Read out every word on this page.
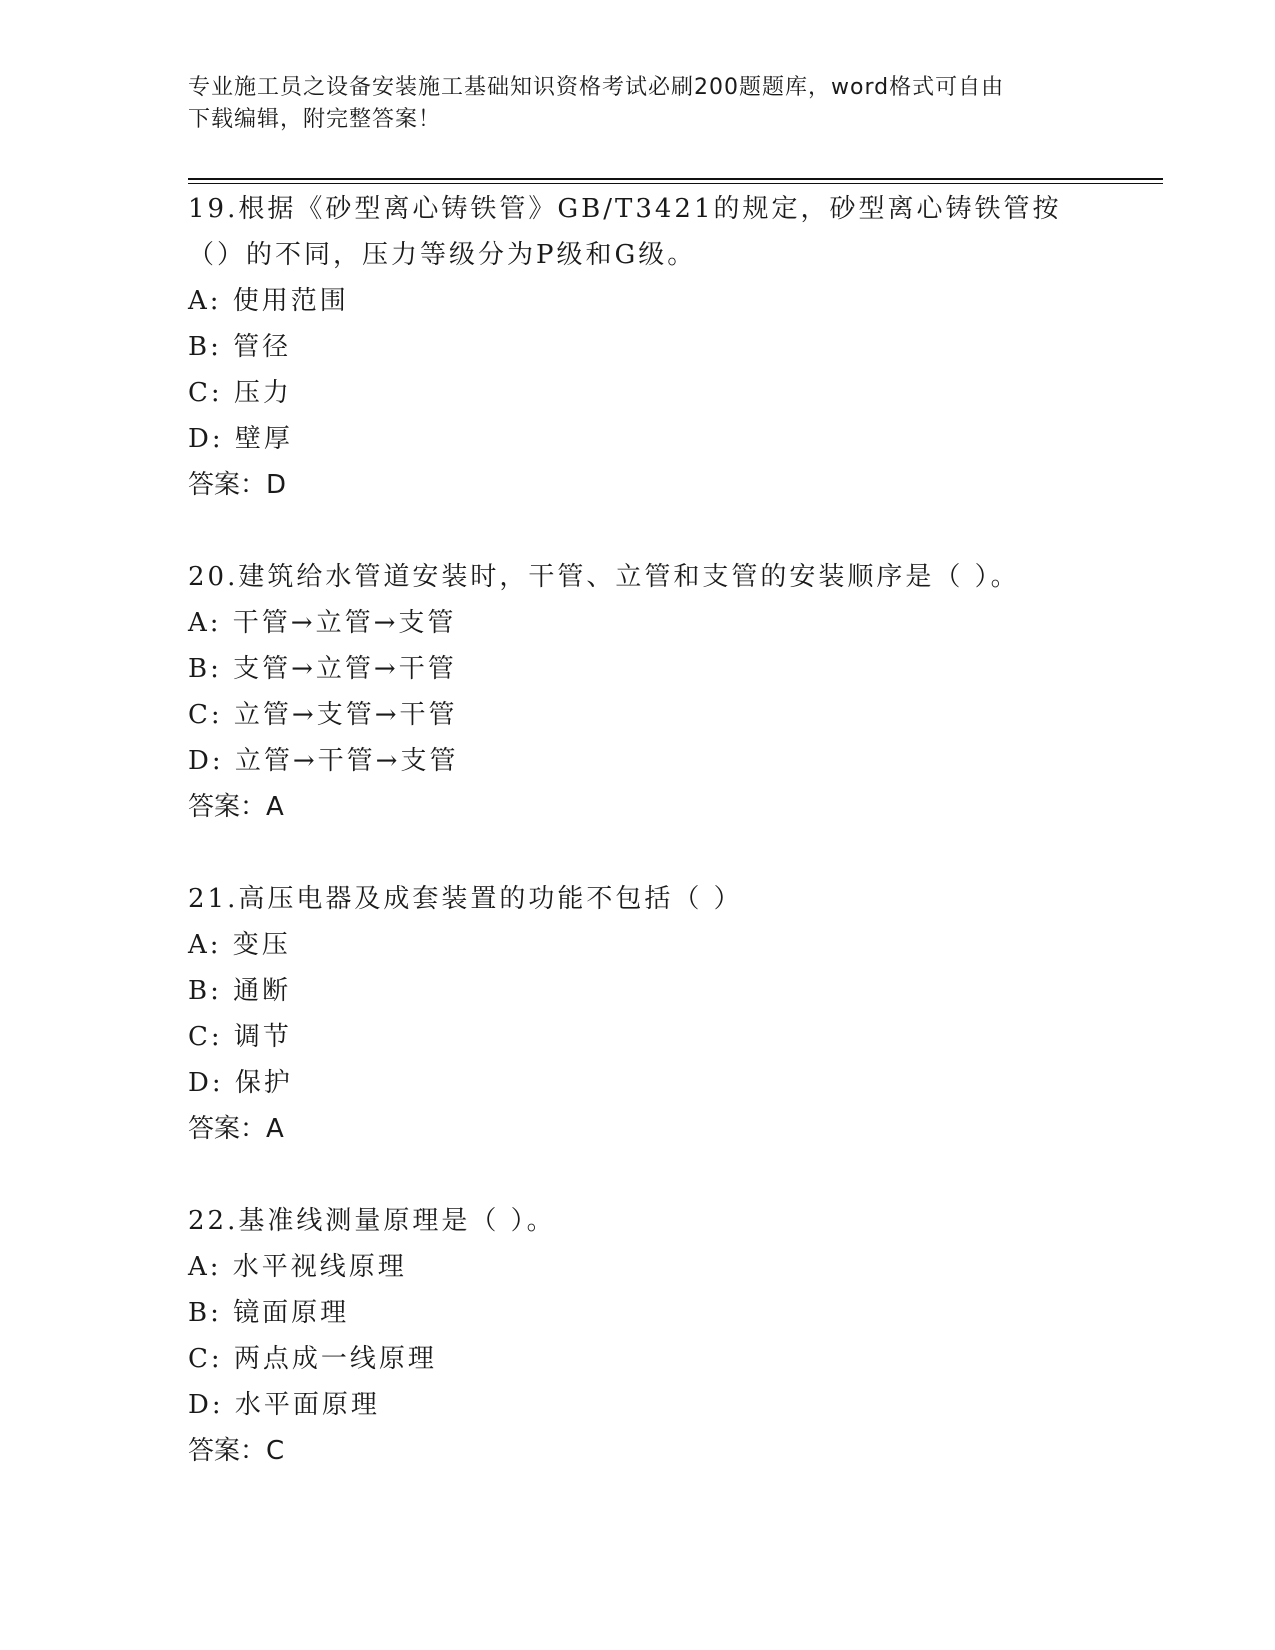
专业施工员之设备安装施工基础知识资格考试必刷200题题库，word格式可自由
下载编辑，附完整答案！
19.根据《砂型离心铸铁管》GB/T3421的规定，砂型离心铸铁管按（）的不同，压力等级分为P级和G级。
A: 使用范围
B: 管径
C: 压力
D: 壁厚
答案：D
20.建筑给水管道安装时，干管、立管和支管的安装顺序是（ ）。
A: 干管→立管→支管
B: 支管→立管→干管
C: 立管→支管→干管
D: 立管→干管→支管
答案：A
21.高压电器及成套装置的功能不包括（ ）
A: 变压
B: 通断
C: 调节
D: 保护
答案：A
22.基准线测量原理是（ ）。
A: 水平视线原理
B: 镜面原理
C: 两点成一线原理
D: 水平面原理
答案：C
